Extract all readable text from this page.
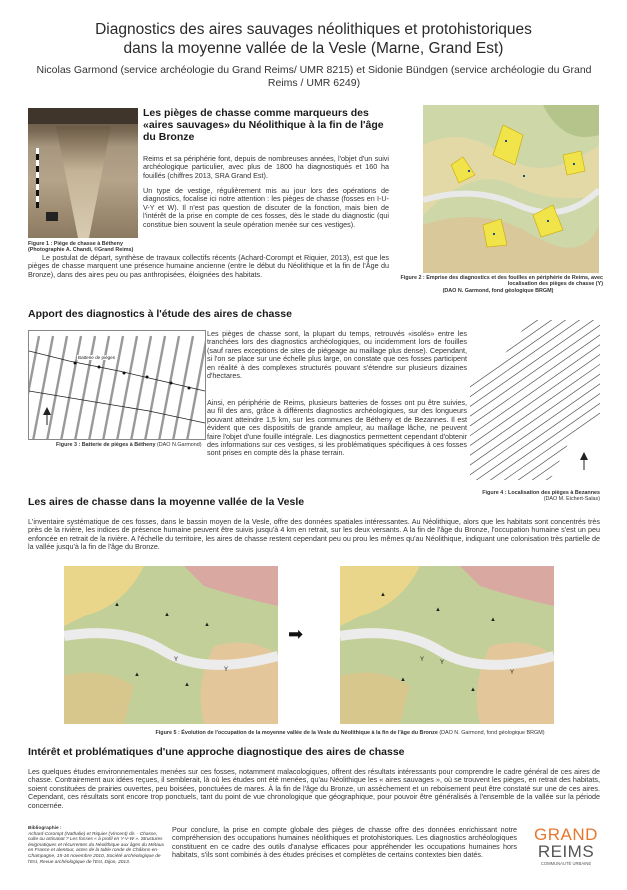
Diagnostics des aires sauvages néolithiques et protohistoriques
dans la moyenne vallée de la Vesle (Marne, Grand Est)
Nicolas Garmond (service archéologie du Grand Reims/ UMR 8215) et Sidonie Bündgen (service archéologie du Grand
Reims / UMR 6249)
Figure 1 : Piège de chasse à Bétheny
(Photographie A. Chandi, ©Grand Reims)
Les pièges de chasse comme marqueurs des
«aires sauvages» du Néolithique à la fin de l'âge
du Bronze
Reims et sa périphérie font, depuis de nombreuses années, l'objet d'un suivi archéologique particulier, avec plus de 1800 ha diagnostiqués et 160 ha fouillés (chiffres 2013, SRA Grand Est).
Un type de vestige, régulièrement mis au jour lors des opérations de diagnostics, focalise ici notre attention : les pièges de chasse (fosses en I-U-V-Y et W). Il n'est pas question de discuter de la fonction, mais bien de l'intérêt de la prise en compte de ces fosses, dès le stade du diagnostic (qui constitue bien souvent la seule opération menée sur ces vestiges).
Le postulat de départ, synthèse de travaux collectifs récents (Achard-Corompt et Riquier, 2013), est que les pièges de chasse marquent une présence humaine ancienne (entre le début du Néolithique et la fin de l'Âge du Bronze), dans des aires peu ou pas anthropisées, éloignées des habitats.	Figure 2 : Emprise des diagnostics et des fouilles en périphérie de Reims, avec localisation des pièges de chasse (Y)
(DAO N. Garmond, fond géologique BRGM)
Apport des diagnostics à l'étude des aires de chasse
Batterie de pièges
Figure 3 : Batterie de pièges à Bétheny (DAO N.Garmond)
Les pièges de chasse sont, la plupart du temps, retrouvés «isolés» entre les tranchées lors des diagnostics archéologiques, ou incidemment lors de fouilles (sauf rares exceptions de sites de piégeage au maillage plus dense). Cependant, si l'on se place sur une échelle plus large, on constate que ces fosses participent en réalité à des complexes structurés pouvant s'étendre sur plusieurs dizaines d'hectares.
Ainsi, en périphérie de Reims, plusieurs batteries de fosses ont pu être suivies, au fil des ans, grâce à différents diagnostics archéologiques, sur des longueurs pouvant atteindre 1,5 km, sur les communes de Bétheny et de Bezannes. Il est évident que ces dispositifs de grande ampleur, au maillage lâche, ne peuvent faire l'objet d'une fouille intégrale. Les diagnostics permettent cependant d'obtenir des informations sur ces vestiges, si les problématiques spécifiques à ces fosses sont prises en compte dès la phase terrain.
Figure 4 : Localisation des pièges à Bezannes
(DAO M. Eichert-Salas)
Les aires de chasse dans la moyenne vallée de la Vesle
L'inventaire systématique de ces fosses, dans le bassin moyen de la Vesle, offre des données spatiales intéressantes. Au Néolithique, alors que les habitats sont concentrés très près de la rivière, les indices de présence humaine peuvent être suivis jusqu'à 4 km en retrait, sur les deux versants. A la fin de l'âge du Bronze, l'occupation humaine s'est un peu enfoncée en retrait de la rivière. A l'échelle du territoire, les aires de chasse restent cependant peu ou prou les mêmes qu'au Néolithique, indiquant une colonisation très partielle de la vallée jusqu'à la fin de l'âge du Bronze.
▲
▲
▲
▲
▲
Y
Y
➡
▲
▲
▲
▲
▲
Y
Y
Y
Figure 5 : Évolution de l'occupation de la moyenne vallée de la Vesle du Néolithique à la fin de l'âge du Bronze (DAO N. Garmond, fond géologique BRGM)
Intérêt et problématiques d'une approche diagnostique des aires de chasse
Les quelques études environnementales menées sur ces fosses, notamment malacologiques, offrent des résultats intéressants pour comprendre le cadre général de ces aires de chasse. Contrairement aux idées reçues, il semblerait, là où les études ont été menées, qu'au Néolithique les « aires sauvages », où se trouvent les pièges, en retrait des habitats, soient constituées de prairies ouvertes, peu boisées, ponctuées de mares. À la fin de l'âge du Bronze, un assèchement et un reboisement peut être constaté sur une de ces aires. Cependant, ces résultats sont encore trop ponctuels, tant du point de vue chronologique que géographique, pour pouvoir être généralisés à l'ensemble de la vallée sur la période concernée.
Bibliographie :
Achard-Corompt (Nathalie) et Riquier (Vincent) dir. - Chasse, culte ou artisanat ? Les fosses « à profil en Y-V-W ». Structures énigmatiques et récurrentes du Néolithique aux âges du Métaux en France et alentour, actes de la table ronde de Châlons-en-Champagne, 15-16 novembre 2010, Société archéologique de l'Est, Revue archéologique de l'Est, Dijon, 2013.
Pour conclure, la prise en compte globale des pièges de chasse offre des données enrichissant notre compréhension des occupations humaines néolithiques et protohistoriques. Les diagnostics archéologiques constituent en ce cadre des outils d'analyse efficaces pour appréhender les occupations humaines hors habitats, s'ils sont combinés à des études précises et complètes de certains contextes bien datés.
GRAND
REIMS
COMMUNAUTÉ URBAINE
